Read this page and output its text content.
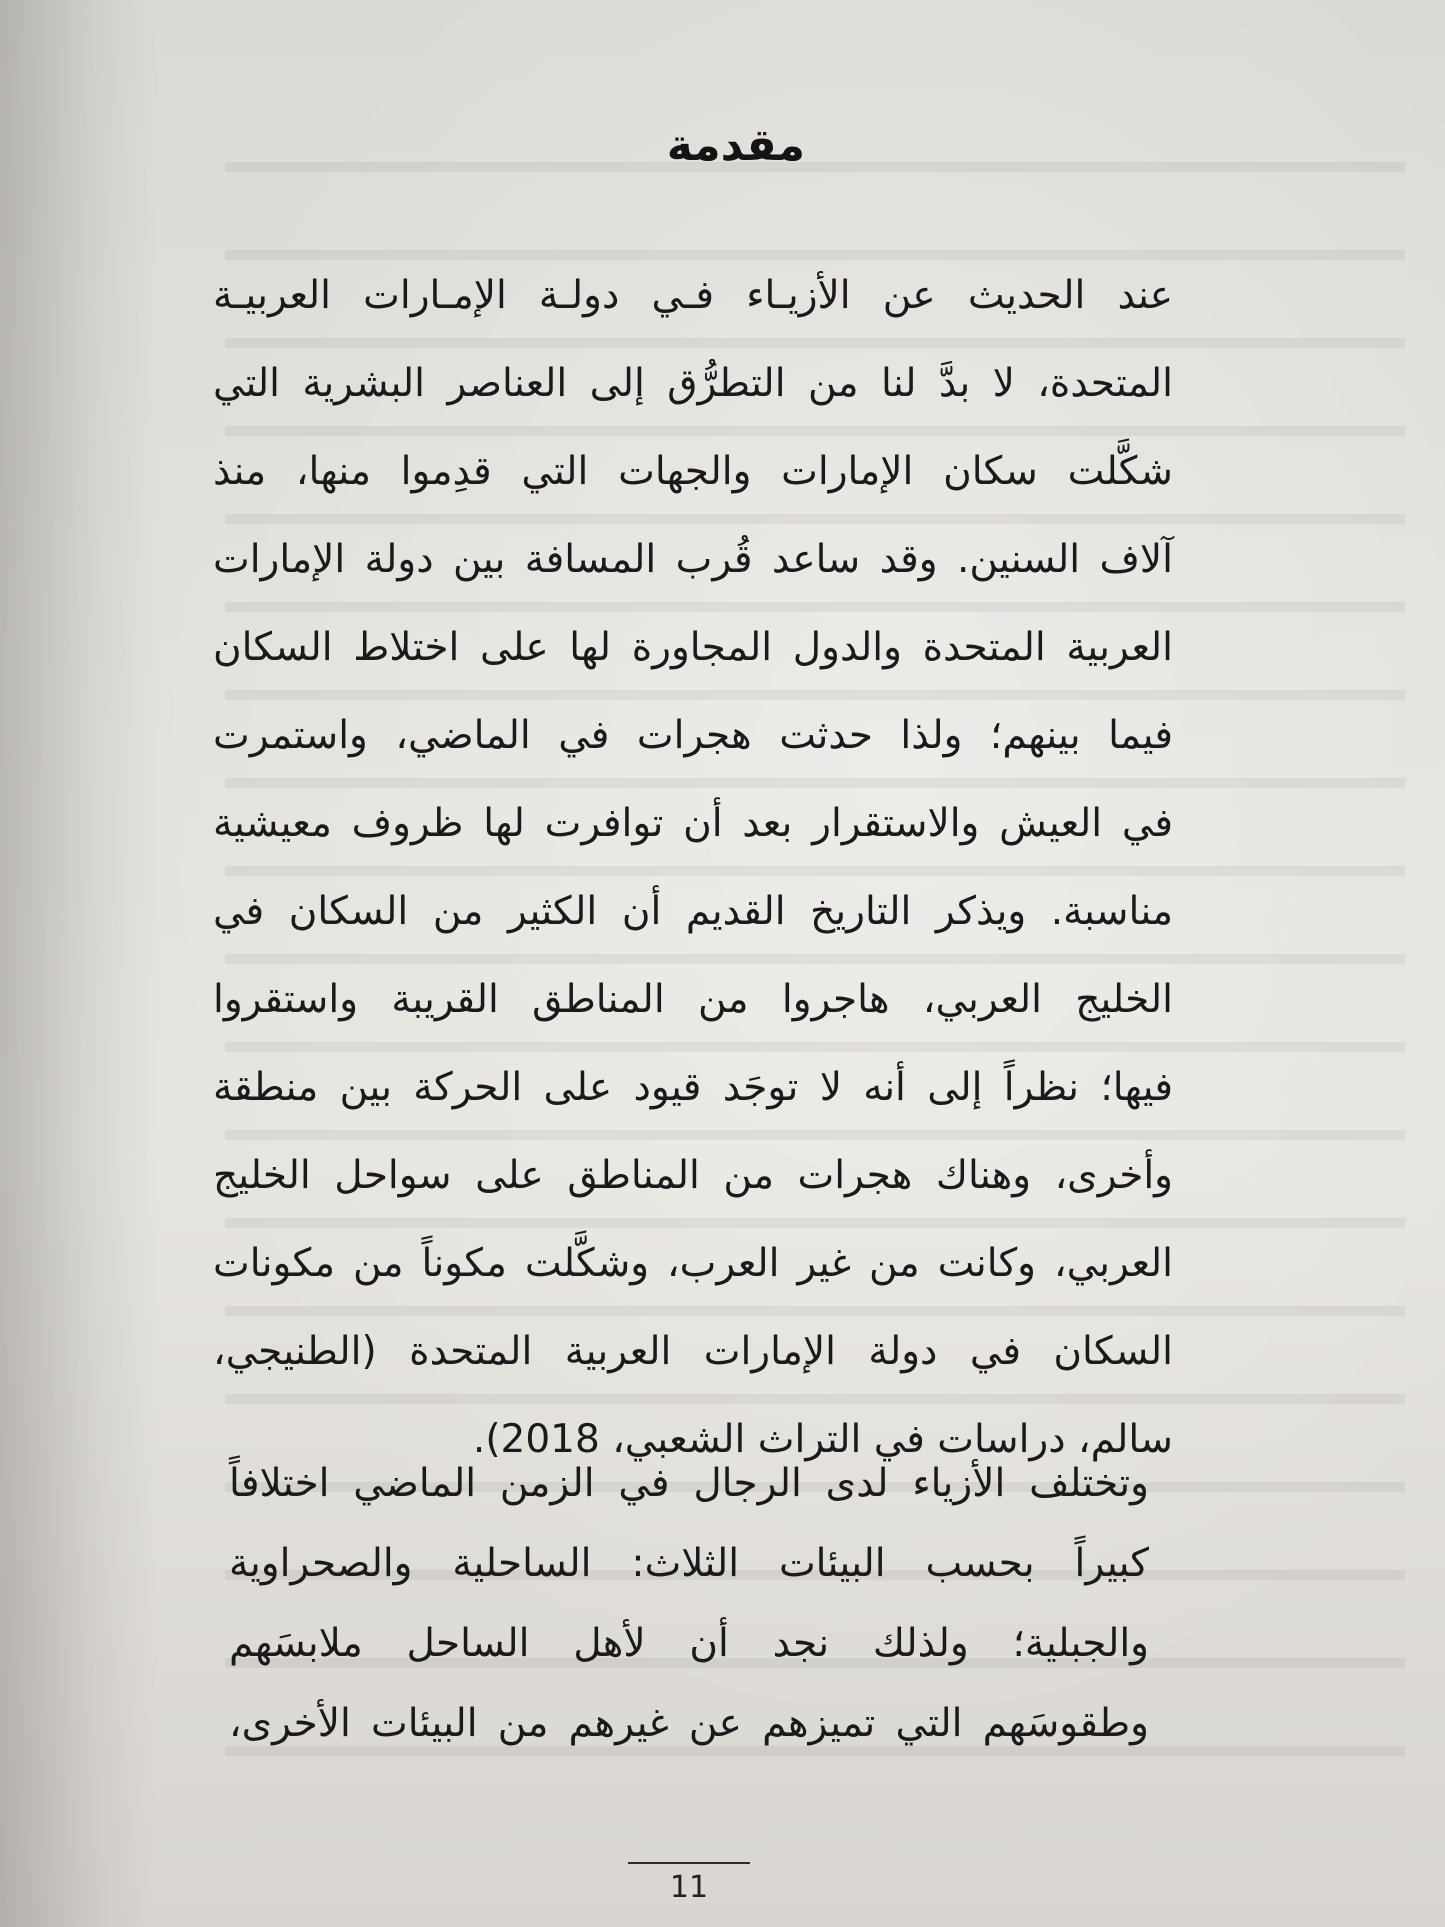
مقدمة
عند الحديث عن الأزيـاء فـي دولـة الإمـارات العربيـة
المتحدة، لا بدَّ لنا من التطرُّق إلى العناصر البشرية التي
شكَّلت سكان الإمارات والجهات التي قدِموا منها، منذ
آلاف السنين. وقد ساعد قُرب المسافة بين دولة الإمارات
العربية المتحدة والدول المجاورة لها على اختلاط السكان
فيما بينهم؛ ولذا حدثت هجرات في الماضي، واستمرت
في العيش والاستقرار بعد أن توافرت لها ظروف معيشية
مناسبة. ويذكر التاريخ القديم أن الكثير من السكان في
الخليج العربي، هاجروا من المناطق القريبة واستقروا
فيها؛ نظراً إلى أنه لا توجَد قيود على الحركة بين منطقة
وأخرى، وهناك هجرات من المناطق على سواحل الخليج
العربي، وكانت من غير العرب، وشكَّلت مكوناً من مكونات
السكان في دولة الإمارات العربية المتحدة (الطنيجي،
سالم، دراسات في التراث الشعبي، 2018).
وتختلف الأزياء لدى الرجال في الزمن الماضي اختلافاً
كبيراً بحسب البيئات الثلاث: الساحلية والصحراوية
والجبلية؛ ولذلك نجد أن لأهل الساحل ملابسَهم
وطقوسَهم التي تميزهم عن غيرهم من البيئات الأخرى،
11
